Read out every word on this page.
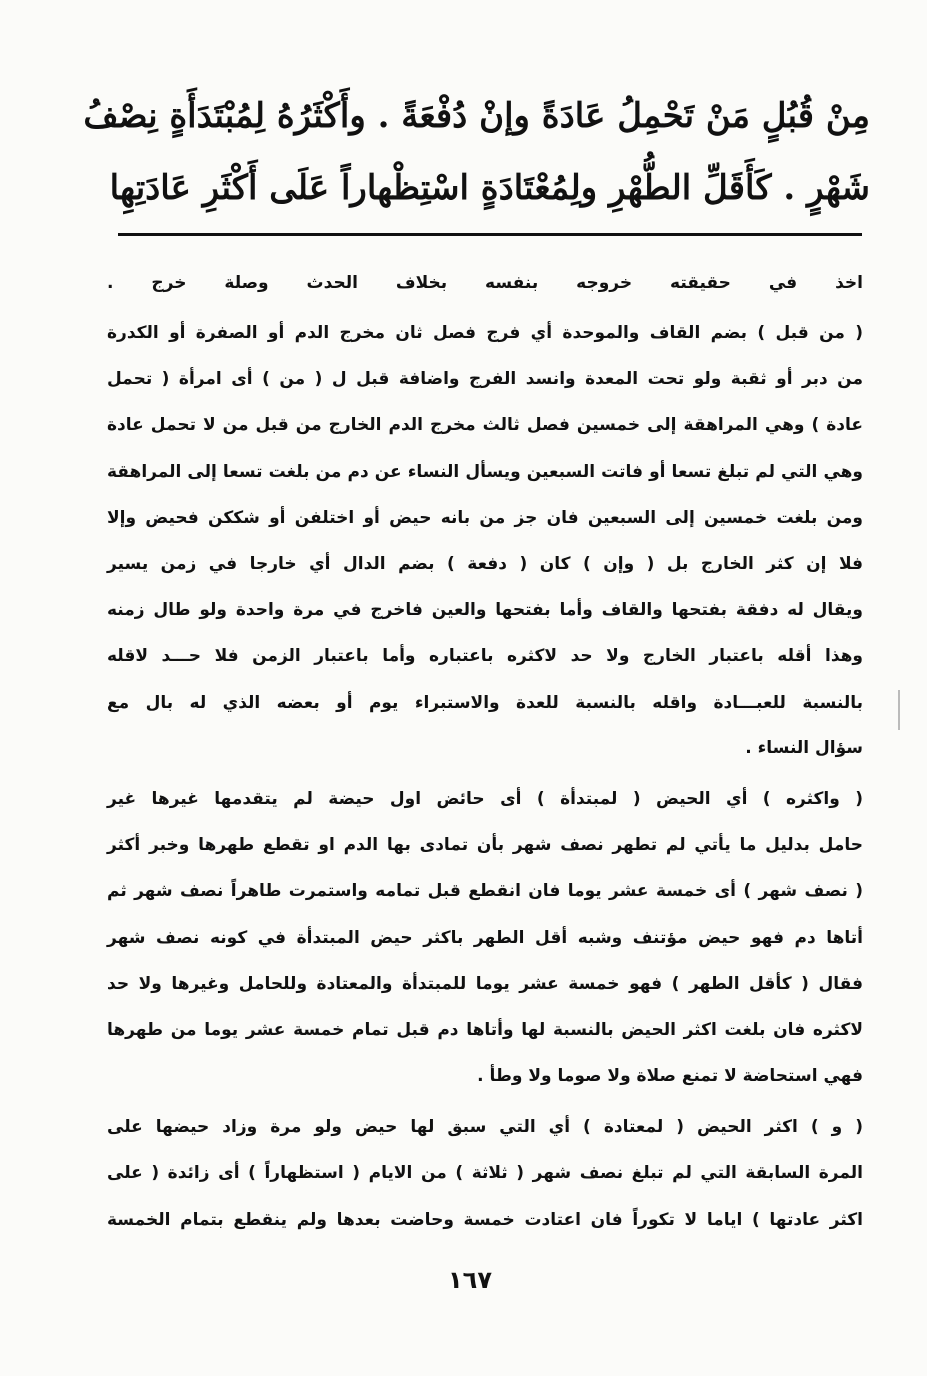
مِنْ قُبُلٍ مَنْ تَحْمِلُ عَادَةً وإنْ دُفْعَةً . وأَكْثَرُهُ لِمُبْتَدَأَةٍ نِصْفُ
شَهْرٍ . كَأَقَلِّ الطُّهْرِ ولِمُعْتَادَةٍ اسْتِظْهاراً عَلَى أَكْثَرِ عَادَتِهِا
اخذ في حقيقته خروجه بنفسه بخلاف الحدث وصلة خرج .
( من قبل ) بضم القاف والموحدة أي فرج فصل ثان مخرج الدم أو الصفرة أو الكدرة
من دبر أو ثقبة ولو تحت المعدة وانسد الفرج واضافة قبل ل ( من ) أى امرأة ( تحمل
عادة ) وهي المراهقة إلى خمسين فصل ثالث مخرج الدم الخارج من قبل من لا تحمل عادة
وهي التي لم تبلغ تسعا أو فاتت السبعين ويسأل النساء عن دم من بلغت تسعا إلى المراهقة
ومن بلغت خمسين إلى السبعين فان جز من بانه حيض أو اختلفن أو شككن فحيض وإلا
فلا إن كثر الخارج بل ( وإن ) كان ( دفعة ) بضم الدال أي خارجا في زمن يسير
ويقال له دفقة بفتحها والقاف وأما بفتحها والعين فاخرج في مرة واحدة ولو طال زمنه
وهذا أقله باعتبار الخارج ولا حد لاكثره باعتباره وأما باعتبار الزمن فلا حـــد لاقله
بالنسبة للعبـــادة واقله بالنسبة للعدة والاستبراء يوم أو بعضه الذي له بال مع
سؤال النساء .
( واكثره ) أي الحيض ( لمبتدأة ) أى حائض اول حيضة لم يتقدمها غيرها غير
حامل بدليل ما يأتي لم تطهر نصف شهر بأن تمادى بها الدم او تقطع طهرها وخبر أكثر
( نصف شهر ) أى خمسة عشر يوما فان انقطع قبل تمامه واستمرت طاهراً نصف شهر ثم
أتاها دم فهو حيض مؤتنف وشبه أقل الطهر باكثر حيض المبتدأة في كونه نصف شهر
فقال ( كأقل الطهر ) فهو خمسة عشر يوما للمبتدأة والمعتادة وللحامل وغيرها ولا حد
لاكثره فان بلغت اكثر الحيض بالنسبة لها وأتاها دم قبل تمام خمسة عشر يوما من طهرها
فهي استحاضة لا تمنع صلاة ولا صوما ولا وطأ .
( و ) اكثر الحيض ( لمعتادة ) أي التي سبق لها حيض ولو مرة وزاد حيضها على
المرة السابقة التي لم تبلغ نصف شهر ( ثلاثة ) من الايام ( استظهاراً ) أى زائدة ( على
اكثر عادتها ) اياما لا تكوراً فان اعتادت خمسة وحاضت بعدها ولم ينقطع بتمام الخمسة
١٦٧
